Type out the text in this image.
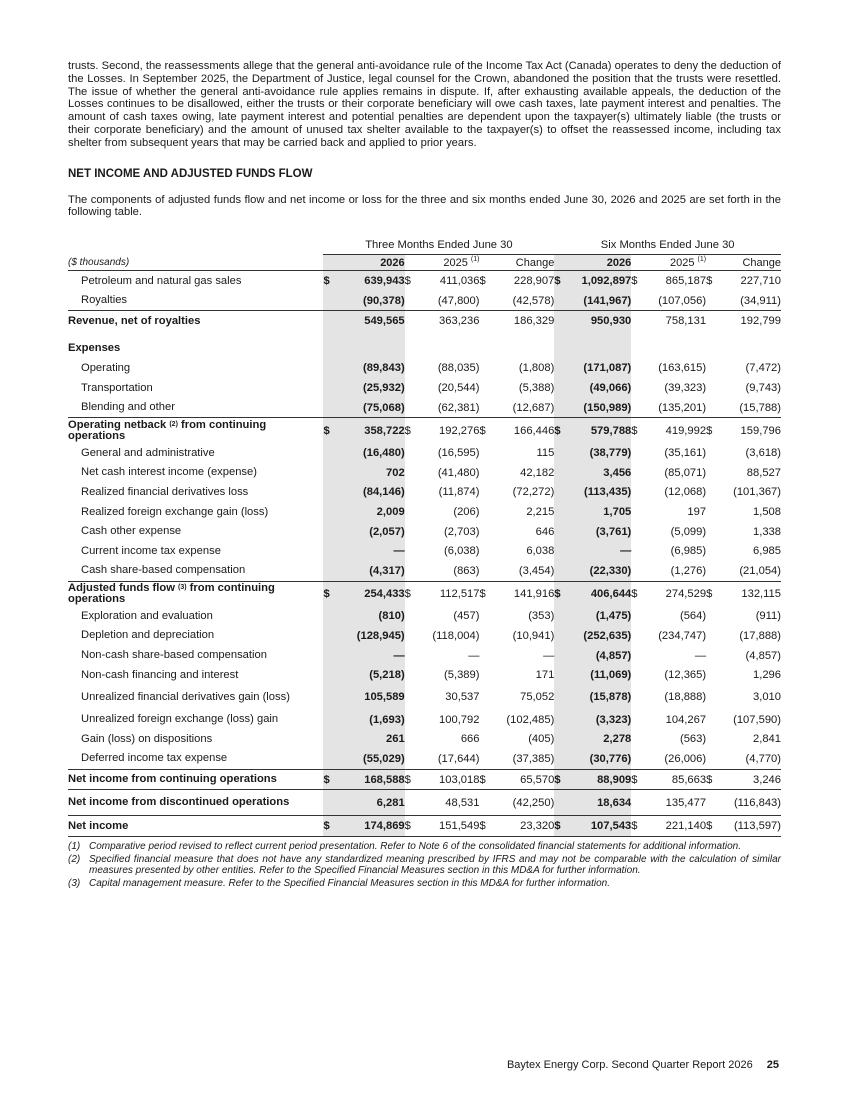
trusts. Second, the reassessments allege that the general anti-avoidance rule of the Income Tax Act (Canada) operates to deny the deduction of the Losses. In September 2025, the Department of Justice, legal counsel for the Crown, abandoned the position that the trusts were resettled. The issue of whether the general anti-avoidance rule applies remains in dispute. If, after exhausting available appeals, the deduction of the Losses continues to be disallowed, either the trusts or their corporate beneficiary will owe cash taxes, late payment interest and penalties. The amount of cash taxes owing, late payment interest and potential penalties are dependent upon the taxpayer(s) ultimately liable (the trusts or their corporate beneficiary) and the amount of unused tax shelter available to the taxpayer(s) to offset the reassessed income, including tax shelter from subsequent years that may be carried back and applied to prior years.

NET INCOME AND ADJUSTED FUNDS FLOW

The components of adjusted funds flow and net income or loss for the three and six months ended June 30, 2026 and 2025 are set forth in the following table.

	Three Months Ended June 30						Six Months Ended June 30					
($ thousands)		2026		2025 $^{(1)}$		Change		2026		2025 $^{(1)}$		Change
Petroleum and natural gas sales	$	639,943	$	411,036	$	228,907	$	1,092,897	$	865,187	$	227,710
Royalties		(90,378)		(47,800)		(42,578)		(141,967)		(107,056)		(34,911)
Revenue, net of royalties		549,565		363,236		186,329		950,930		758,131		192,799

Expenses												
Operating		(89,843)		(88,035)		(1,808)		(171,087)		(163,615)		(7,472)
Transportation		(25,932)		(20,544)		(5,388)		(49,066)		(39,323)		(9,743)
Blending and other		(75,068)		(62,381)		(12,687)		(150,989)		(135,201)		(15,788)
Operating netback $^{(2)}$ from continuing operations	$	358,722	$	192,276	$	166,446	$	579,788	$	419,992	$	159,796
General and administrative		(16,480)		(16,595)		115		(38,779)		(35,161)		(3,618)
Net cash interest income (expense)		702		(41,480)		42,182		3,456		(85,071)		88,527
Realized financial derivatives loss		(84,146)		(11,874)		(72,272)		(113,435)		(12,068)		(101,367)
Realized foreign exchange gain (loss)		2,009		(206)		2,215		1,705		197		1,508
Cash other expense		(2,057)		(2,703)		646		(3,761)		(5,099)		1,338
Current income tax expense		—		(6,038)		6,038		—		(6,985)		6,985
Cash share-based compensation		(4,317)		(863)		(3,454)		(22,330)		(1,276)		(21,054)
Adjusted funds flow $^{(3)}$ from continuing operations	$	254,433	$	112,517	$	141,916	$	406,644	$	274,529	$	132,115
Exploration and evaluation		(810)		(457)		(353)		(1,475)		(564)		(911)
Depletion and depreciation		(128,945)		(118,004)		(10,941)		(252,635)		(234,747)		(17,888)
Non-cash share-based compensation		—		—		—		(4,857)		—		(4,857)
Non-cash financing and interest		(5,218)		(5,389)		171		(11,069)		(12,365)		1,296
Unrealized financial derivatives gain (loss)		105,589		30,537		75,052		(15,878)		(18,888)		3,010
Unrealized foreign exchange (loss) gain		(1,693)		100,792		(102,485)		(3,323)		104,267		(107,590)
Gain (loss) on dispositions		261		666		(405)		2,278		(563)		2,841
Deferred income tax expense		(55,029)		(17,644)		(37,385)		(30,776)		(26,006)		(4,770)
Net income from continuing operations	$	168,588	$	103,018	$	65,570	$	88,909	$	85,663	$	3,246
Net income from discontinued operations		6,281		48,531		(42,250)		18,634		135,477		(116,843)
Net income	$	174,869	$	151,549	$	23,320	$	107,543	$	221,140	$	(113,597)
(1) Comparative period revised to reflect current period presentation. Refer to Note 6 of the consolidated financial statements for additional information.
(2) Specified financial measure that does not have any standardized meaning prescribed by IFRS and may not be comparable with the calculation of similar measures presented by other entities. Refer to the Specified Financial Measures section in this MD&A for further information.
(3) Capital management measure. Refer to the Specified Financial Measures section in this MD&A for further information.
Baytex Energy Corp. Second Quarter Report 2026 25
